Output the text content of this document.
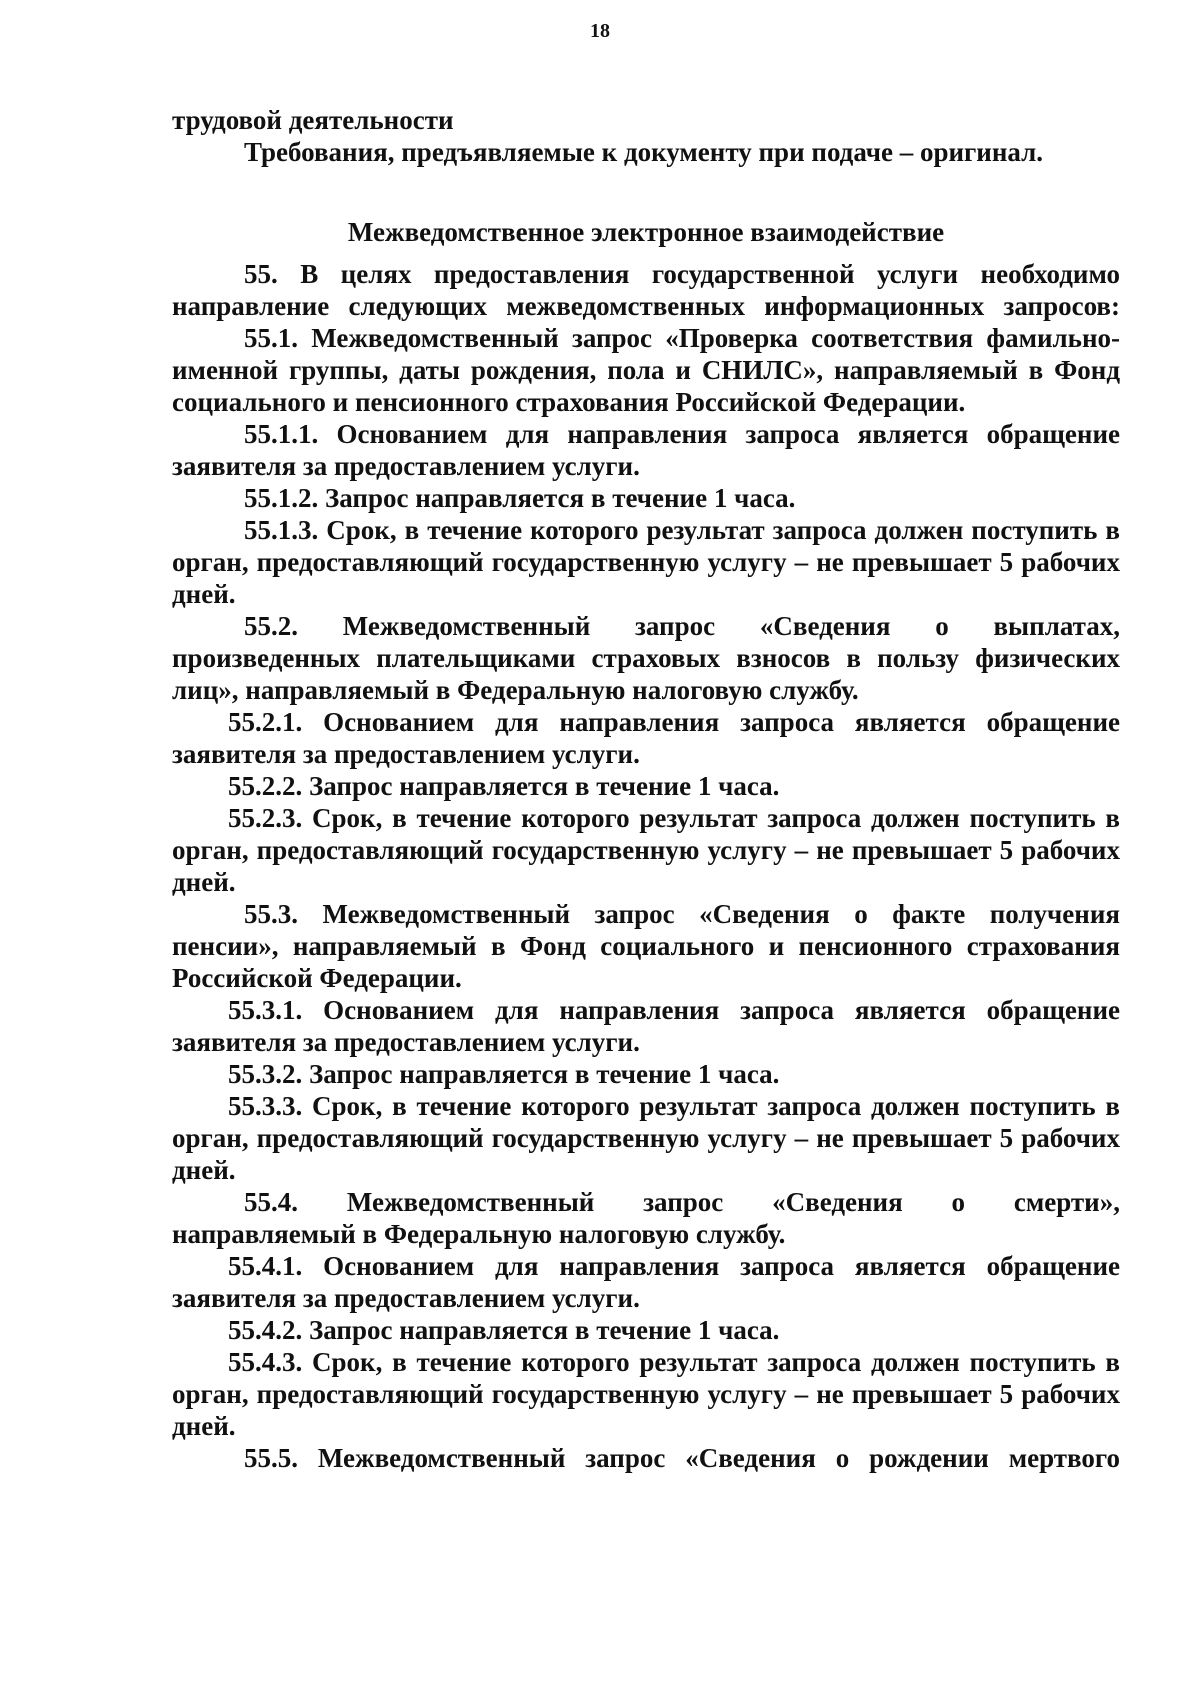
18

трудовой деятельности

Требования, предъявляемые к документу при подаче – оригинал.

Межведомственное электронное взаимодействие

55. В целях предоставления государственной услуги необходимо

направление следующих межведомственных информационных запросов:

55.1. Межведомственный запрос «Проверка соответствия фамильно-

именной группы, даты рождения, пола и СНИЛС», направляемый в Фонд

социального и пенсионного страхования Российской Федерации.

55.1.1. Основанием для направления запроса является обращение

заявителя за предоставлением услуги.

55.1.2. Запрос направляется в течение 1 часа.

55.1.3. Срок, в течение которого результат запроса должен поступить в

орган, предоставляющий государственную услугу – не превышает 5 рабочих

дней.

55.2. Межведомственный запрос «Сведения о выплатах,

произведенных плательщиками страховых взносов в пользу физических

лиц», направляемый в Федеральную налоговую службу.

55.2.1. Основанием для направления запроса является обращение

заявителя за предоставлением услуги.

55.2.2. Запрос направляется в течение 1 часа.

55.2.3. Срок, в течение которого результат запроса должен поступить в

орган, предоставляющий государственную услугу – не превышает 5 рабочих

дней.

55.3. Межведомственный запрос «Сведения о факте получения

пенсии», направляемый в Фонд социального и пенсионного страхования

Российской Федерации.

55.3.1. Основанием для направления запроса является обращение

заявителя за предоставлением услуги.

55.3.2. Запрос направляется в течение 1 часа.

55.3.3. Срок, в течение которого результат запроса должен поступить в

орган, предоставляющий государственную услугу – не превышает 5 рабочих

дней.

55.4. Межведомственный запрос «Сведения о смерти»,

направляемый в Федеральную налоговую службу.

55.4.1. Основанием для направления запроса является обращение

заявителя за предоставлением услуги.

55.4.2. Запрос направляется в течение 1 часа.

55.4.3. Срок, в течение которого результат запроса должен поступить в

орган, предоставляющий государственную услугу – не превышает 5 рабочих

дней.

55.5. Межведомственный запрос «Сведения о рождении мертвого
